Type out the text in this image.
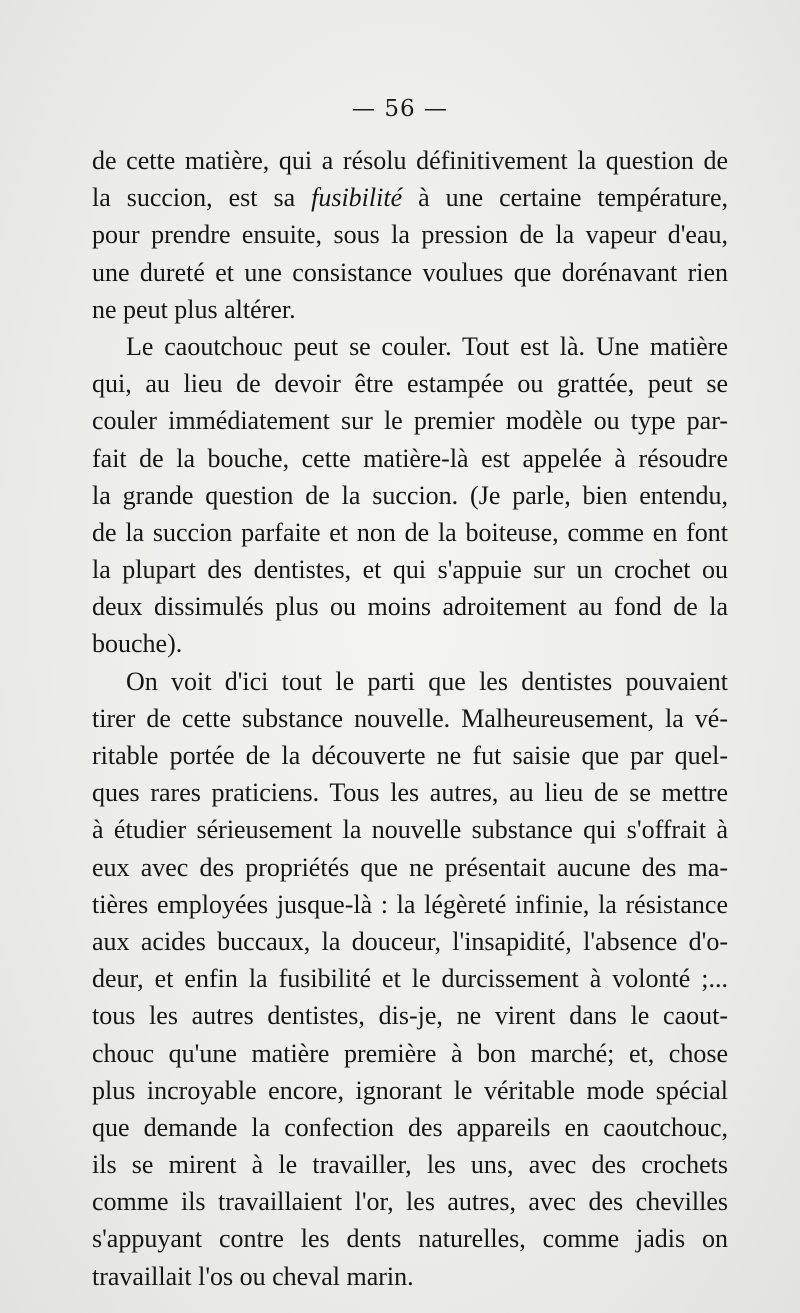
— 56 —
de cette matière, qui a résolu définitivement la question de
la succion, est sa fusibilité à une certaine température,
pour prendre ensuite, sous la pression de la vapeur d'eau,
une dureté et une consistance voulues que dorénavant rien
ne peut plus altérer.
Le caoutchouc peut se couler. Tout est là. Une matière
qui, au lieu de devoir être estampée ou grattée, peut se
couler immédiatement sur le premier modèle ou type par-
fait de la bouche, cette matière-là est appelée à résoudre
la grande question de la succion. (Je parle, bien entendu,
de la succion parfaite et non de la boiteuse, comme en font
la plupart des dentistes, et qui s'appuie sur un crochet ou
deux dissimulés plus ou moins adroitement au fond de la
bouche).
On voit d'ici tout le parti que les dentistes pouvaient
tirer de cette substance nouvelle. Malheureusement, la vé-
ritable portée de la découverte ne fut saisie que par quel-
ques rares praticiens. Tous les autres, au lieu de se mettre
à étudier sérieusement la nouvelle substance qui s'offrait à
eux avec des propriétés que ne présentait aucune des ma-
tières employées jusque-là : la légèreté infinie, la résistance
aux acides buccaux, la douceur, l'insapidité, l'absence d'o-
deur, et enfin la fusibilité et le durcissement à volonté ;...
tous les autres dentistes, dis-je, ne virent dans le caout-
chouc qu'une matière première à bon marché; et, chose
plus incroyable encore, ignorant le véritable mode spécial
que demande la confection des appareils en caoutchouc,
ils se mirent à le travailler, les uns, avec des crochets
comme ils travaillaient l'or, les autres, avec des chevilles
s'appuyant contre les dents naturelles, comme jadis on
travaillait l'os ou cheval marin.
